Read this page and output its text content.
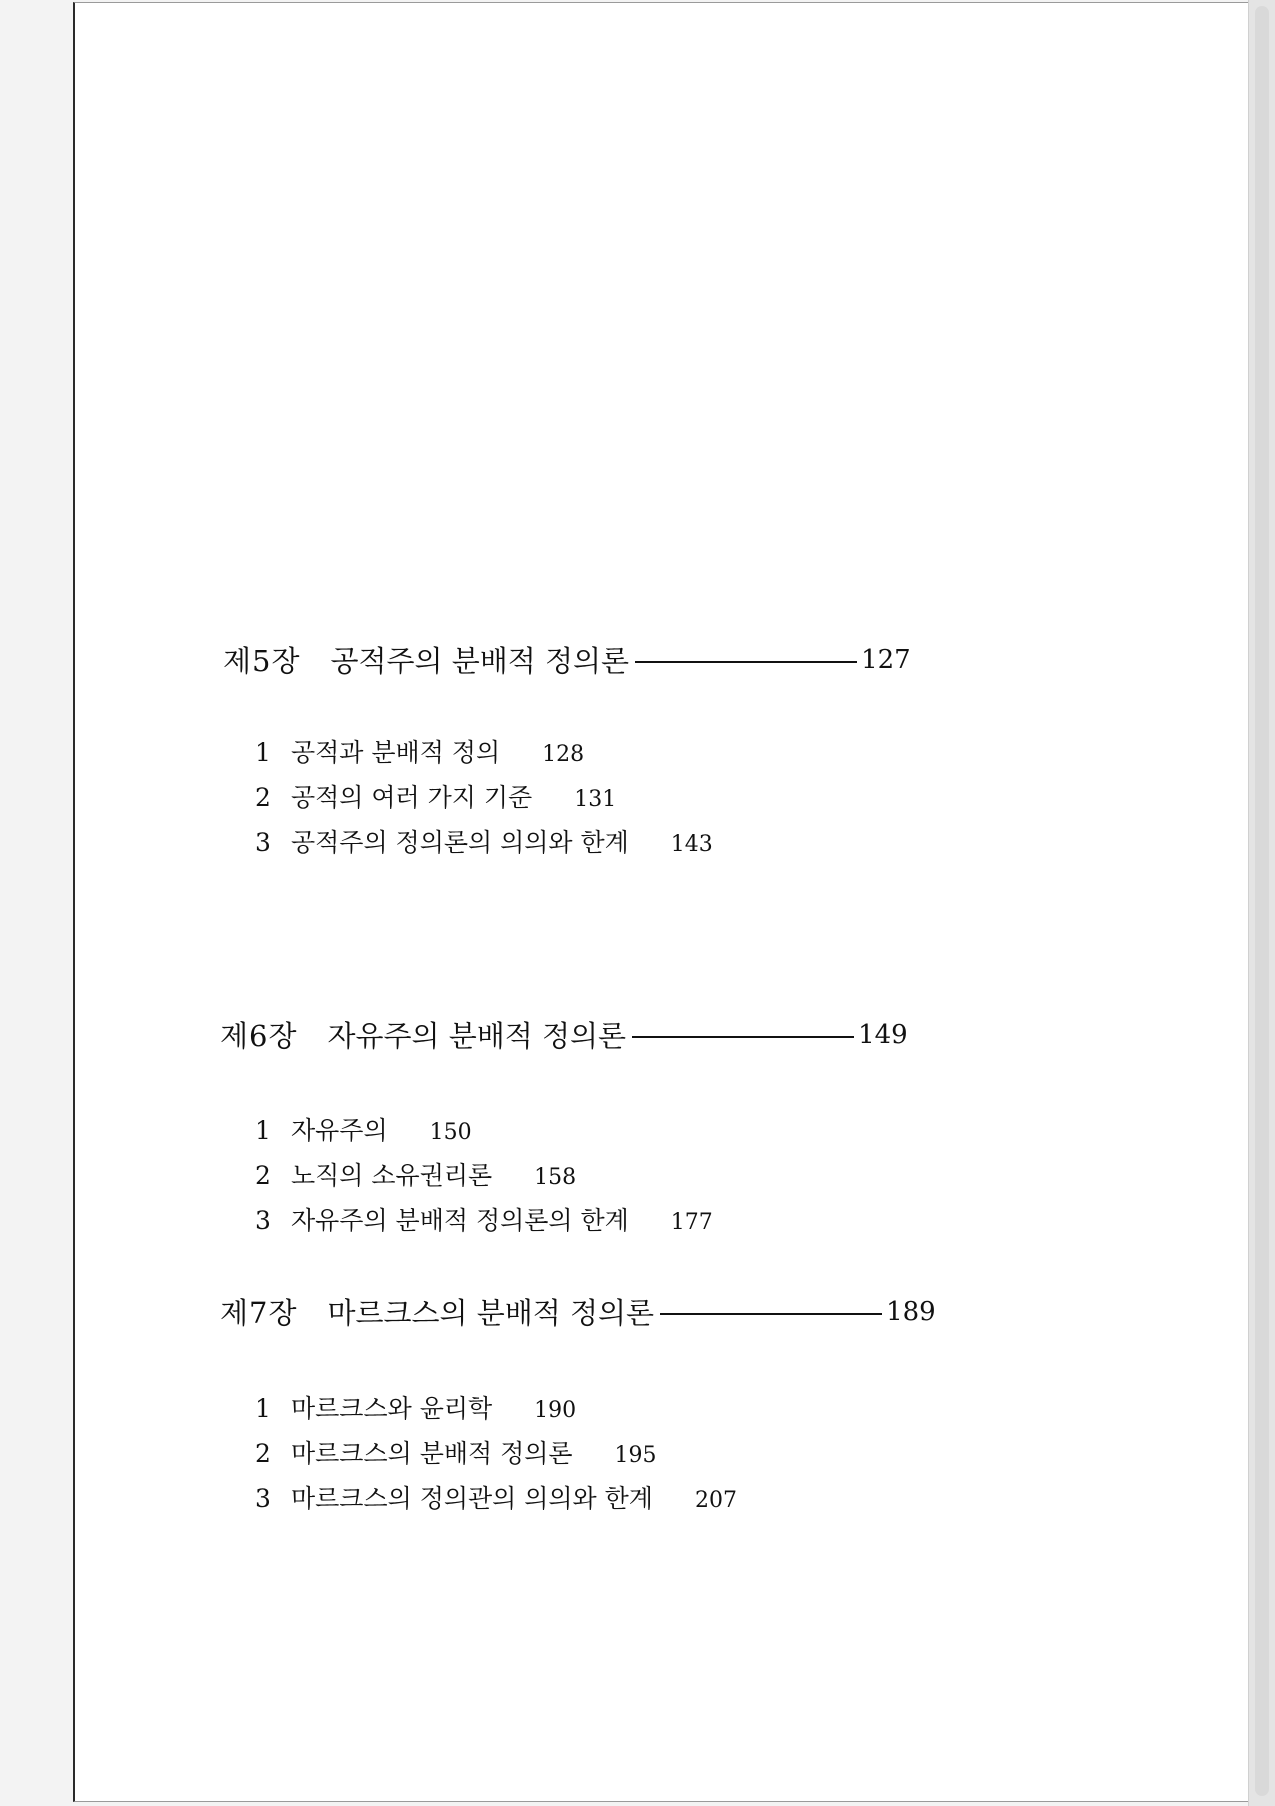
제5장 공적주의 분배적 정의론	127
1 공적과 분배적 정의 128
2 공적의 여러 가지 기준 131
3 공적주의 정의론의 의의와 한계 143
제6장 자유주의 분배적 정의론	149
1 자유주의 150
2 노직의 소유권리론 158
3 자유주의 분배적 정의론의 한계 177
제7장 마르크스의 분배적 정의론	189
1 마르크스와 윤리학 190
2 마르크스의 분배적 정의론 195
3 마르크스의 정의관의 의의와 한계 207
